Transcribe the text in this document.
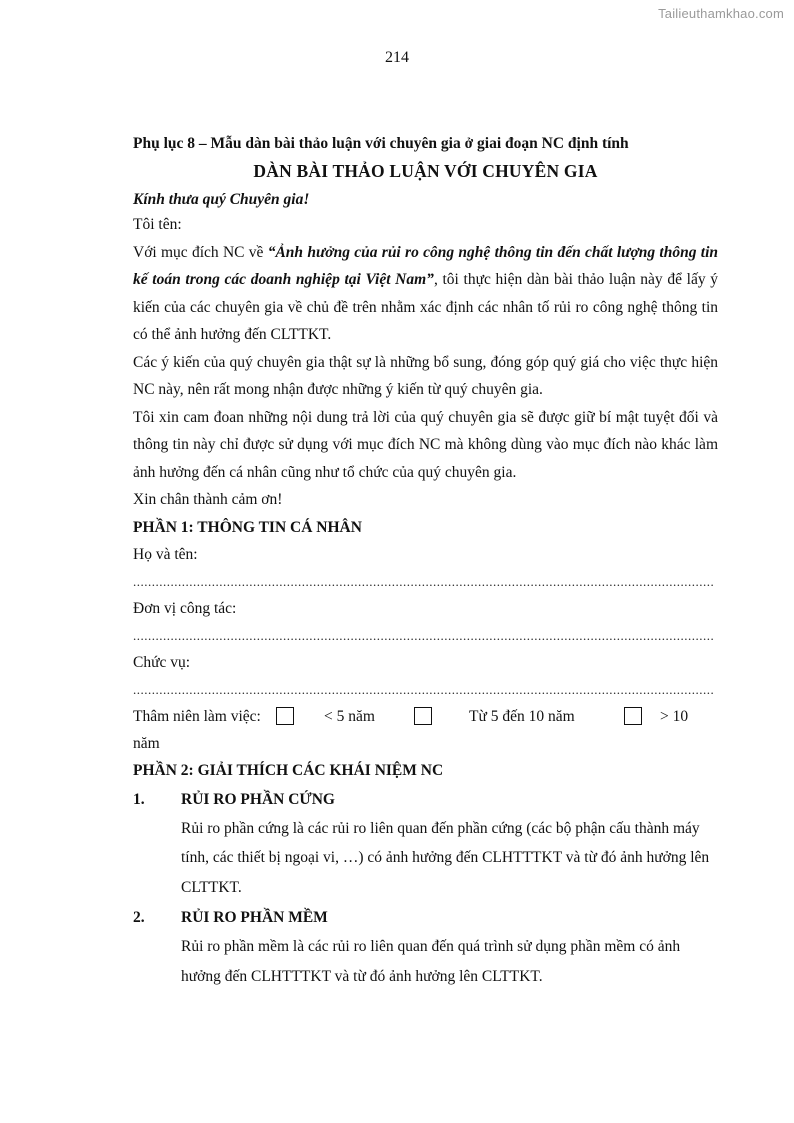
Tailieuthamkhao.com
214

Phụ lục 8 – Mẫu dàn bài thảo luận với chuyên gia ở giai đoạn NC định tính

DÀN BÀI THẢO LUẬN VỚI CHUYÊN GIA

Kính thưa quý Chuyên gia!

Tôi tên:

Với mục đích NC về “Ảnh hưởng của rủi ro công nghệ thông tin đến chất lượng thông tin kế toán trong các doanh nghiệp tại Việt Nam”, tôi thực hiện dàn bài thảo luận này để lấy ý kiến của các chuyên gia về chủ đề trên nhằm xác định các nhân tố rủi ro công nghệ thông tin có thể ảnh hưởng đến CLTTKT.

Các ý kiến của quý chuyên gia thật sự là những bổ sung, đóng góp quý giá cho việc thực hiện NC này, nên rất mong nhận được những ý kiến từ quý chuyên gia.

Tôi xin cam đoan những nội dung trả lời của quý chuyên gia sẽ được giữ bí mật tuyệt đối và thông tin này chỉ được sử dụng với mục đích NC mà không dùng vào mục đích nào khác làm ảnh hưởng đến cá nhân cũng như tổ chức của quý chuyên gia.

Xin chân thành cảm ơn!

PHẦN 1: THÔNG TIN CÁ NHÂN

Họ và tên:

...........................................................................................................................................................

Đơn vị công tác:

...........................................................................................................................................................

Chức vụ:

...........................................................................................................................................................
Thâm niên làm việc:	< 5 năm	Từ 5 đến 10 năm	> 10

năm

PHẦN 2: GIẢI THÍCH CÁC KHÁI NIỆM NC

1. RỦI RO PHẦN CỨNG

Rủi ro phần cứng là các rủi ro liên quan đến phần cứng (các bộ phận cấu thành máy tính, các thiết bị ngoại vi, …) có ảnh hưởng đến CLHTTTKT và từ đó ảnh hưởng lên CLTTKT.

2. RỦI RO PHẦN MỀM

Rủi ro phần mềm là các rủi ro liên quan đến quá trình sử dụng phần mềm có ảnh hưởng đến CLHTTTKT và từ đó ảnh hưởng lên CLTTKT.
